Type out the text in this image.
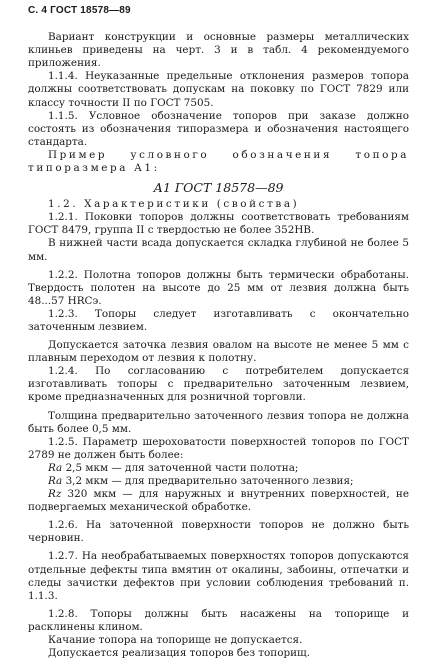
С. 4 ГОСТ 18578—89

Вариант конструкции и основные размеры металлических клиньев приведены на черт. 3 и в табл. 4 рекомендуемого приложения.

1.1.4. Неуказанные предельные отклонения размеров топора должны соответствовать допускам на поковку по ГОСТ 7829 или классу точности II по ГОСТ 7505.

1.1.5. Условное обозначение топоров при заказе должно состоять из обозначения типоразмера и обозначения настоящего стандарта.

Пример условного обозначения топора типоразмера А1:

А1 ГОСТ 18578—89

1.2. Характеристики (свойства)

1.2.1. Поковки топоров должны соответствовать требованиям ГОСТ 8479, группа II с твердостью не более 352НВ.

В нижней части всада допускается складка глубиной не более 5 мм.

1.2.2. Полотна топоров должны быть термически обработаны. Твердость полотен на высоте до 25 мм от лезвия должна быть 48...57 HRCэ.

1.2.3. Топоры следует изготавливать с окончательно заточенным лезвием.

Допускается заточка лезвия овалом на высоте не менее 5 мм с плавным переходом от лезвия к полотну.

1.2.4. По согласованию с потребителем допускается изготавливать топоры с предварительно заточенным лезвием, кроме предназначенных для розничной торговли.

Толщина предварительно заточенного лезвия топора не должна быть более 0,5 мм.

1.2.5. Параметр шероховатости поверхностей топоров по ГОСТ 2789 не должен быть более:

Ra 2,5 мкм — для заточенной части полотна;

Ra 3,2 мкм — для предварительно заточенного лезвия;

Rz 320 мкм — для наружных и внутренних поверхностей, не подвергаемых механической обработке.

1.2.6. На заточенной поверхности топоров не должно быть черновин.

1.2.7. На необрабатываемых поверхностях топоров допускаются отдельные дефекты типа вмятин от окалины, забоины, отпечатки и следы зачистки дефектов при условии соблюдения требований п. 1.1.3.

1.2.8. Топоры должны быть насажены на топорище и расклинены клином.

Качание топора на топорище не допускается.

Допускается реализация топоров без топорищ.
